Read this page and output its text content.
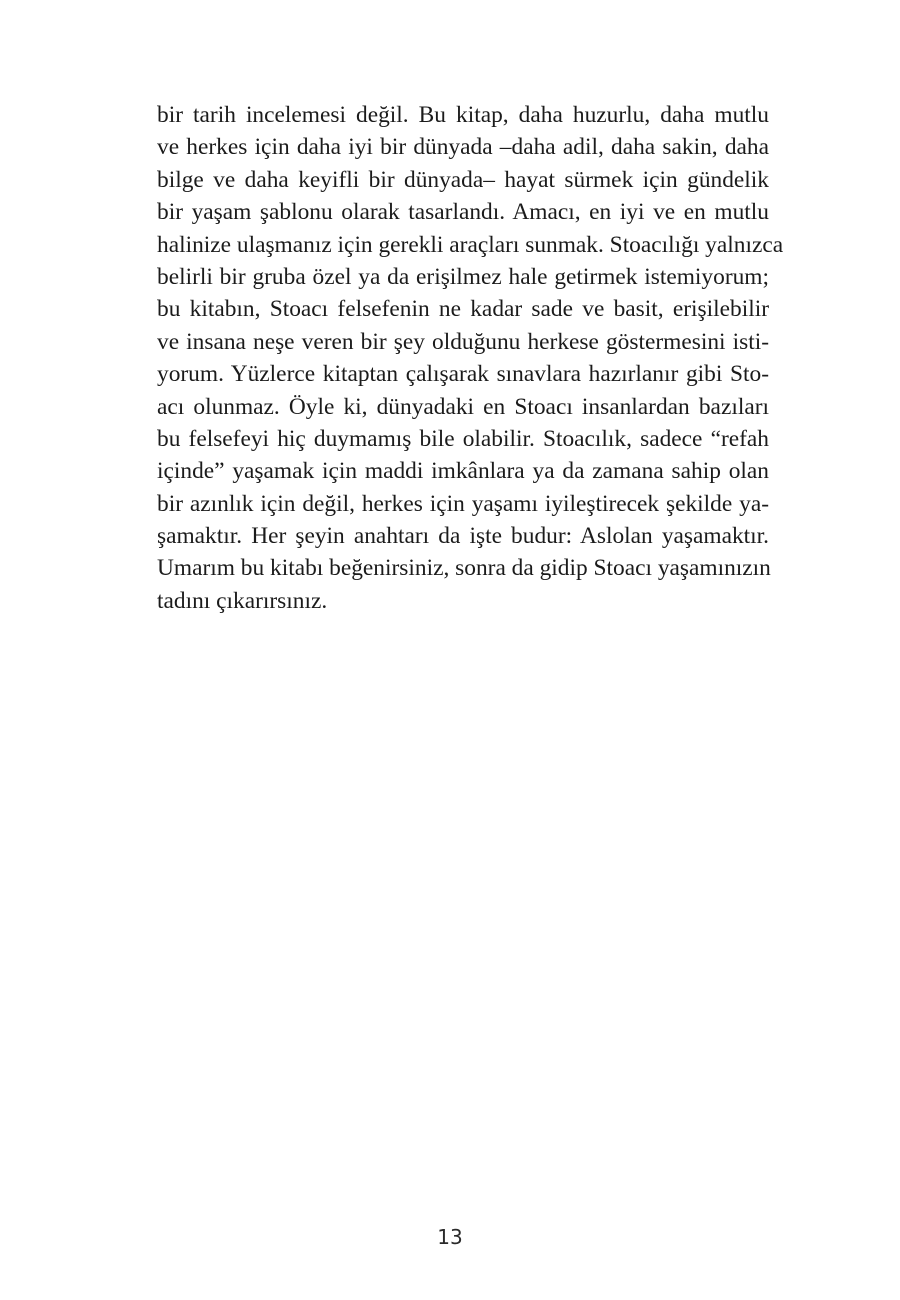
bir tarih incelemesi değil. Bu kitap, daha huzurlu, daha mutlu
ve herkes için daha iyi bir dünyada –daha adil, daha sakin, daha
bilge ve daha keyifli bir dünyada– hayat sürmek için gündelik
bir yaşam şablonu olarak tasarlandı. Amacı, en iyi ve en mutlu
halinize ulaşmanız için gerekli araçları sunmak. Stoacılığı yalnızca
belirli bir gruba özel ya da erişilmez hale getirmek istemiyorum;
bu kitabın, Stoacı felsefenin ne kadar sade ve basit, erişilebilir
ve insana neşe veren bir şey olduğunu herkese göstermesini isti-
yorum. Yüzlerce kitaptan çalışarak sınavlara hazırlanır gibi Sto-
acı olunmaz. Öyle ki, dünyadaki en Stoacı insanlardan bazıları
bu felsefeyi hiç duymamış bile olabilir. Stoacılık, sadece “refah
içinde” yaşamak için maddi imkânlara ya da zamana sahip olan
bir azınlık için değil, herkes için yaşamı iyileştirecek şekilde ya-
şamaktır. Her şeyin anahtarı da işte budur: Aslolan yaşamaktır.
Umarım bu kitabı beğenirsiniz, sonra da gidip Stoacı yaşamınızın
tadını çıkarırsınız.
13
